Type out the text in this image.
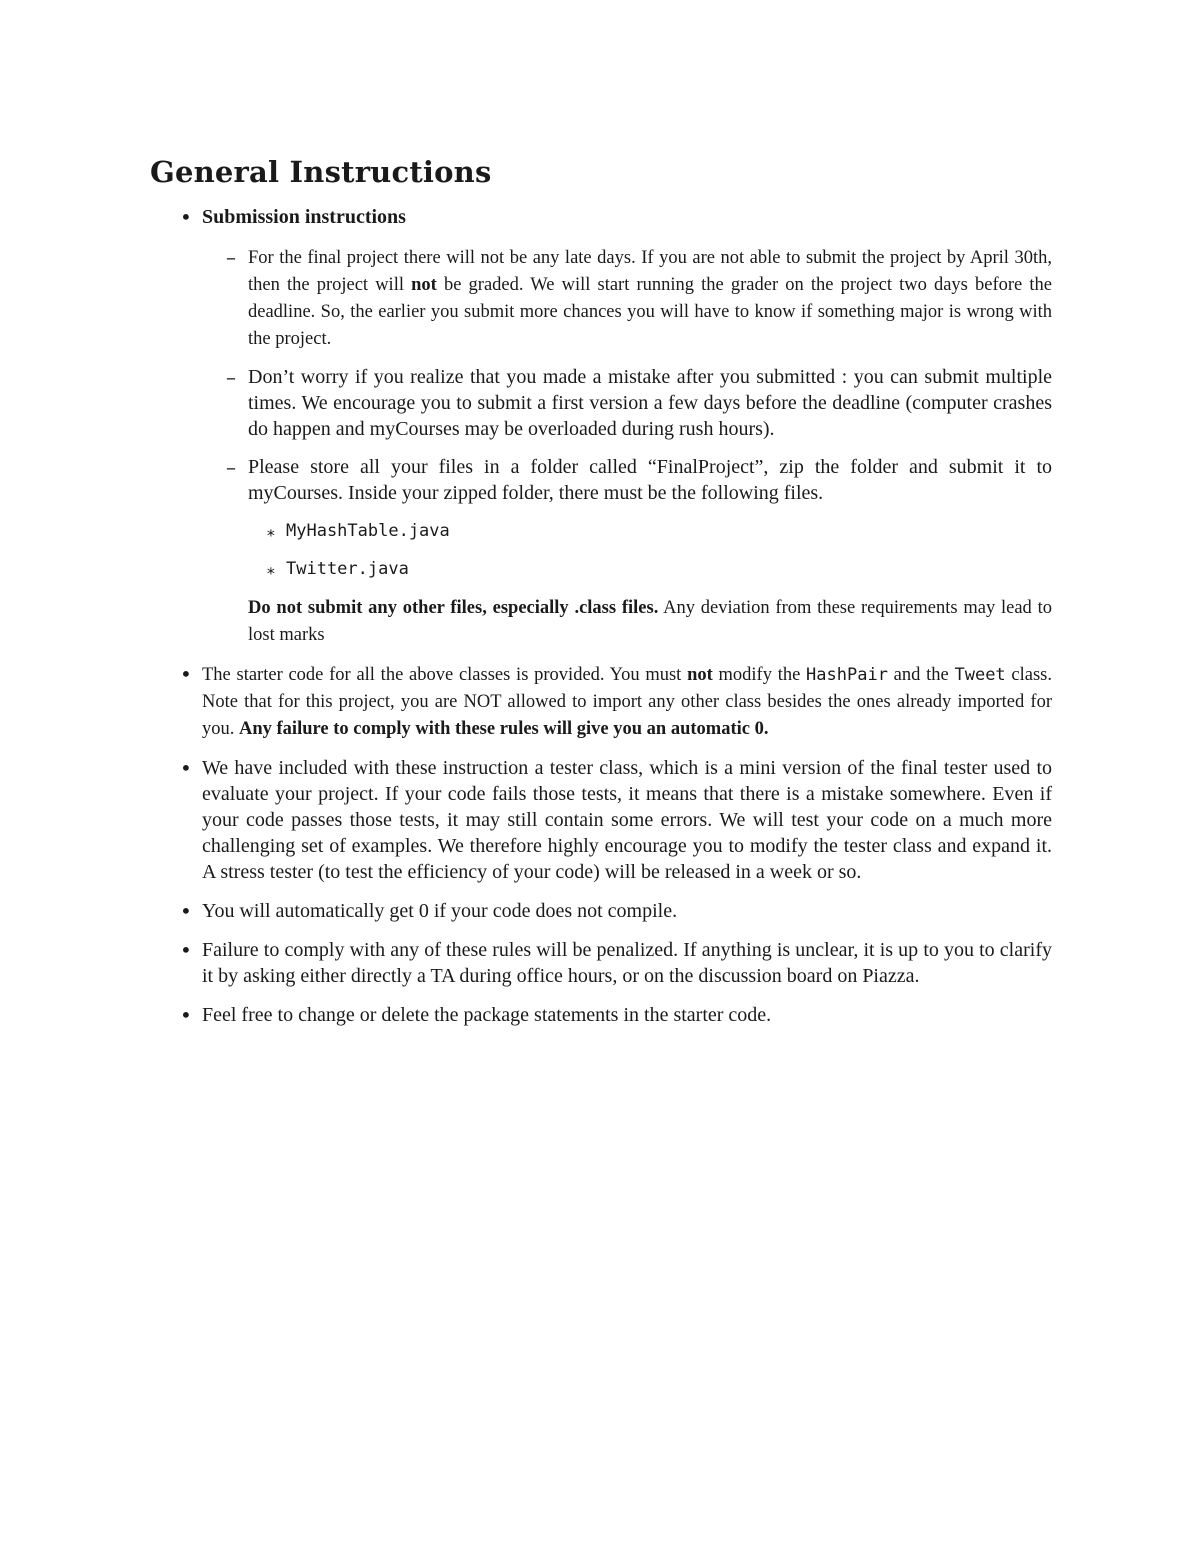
General Instructions
• Submission instructions
– For the final project there will not be any late days. If you are not able to submit the project by April 30th, then the project will not be graded. We will start running the grader on the project two days before the deadline. So, the earlier you submit more chances you will have to know if something major is wrong with the project.
– Don’t worry if you realize that you made a mistake after you submitted : you can submit multiple times. We encourage you to submit a first version a few days before the deadline (computer crashes do happen and myCourses may be overloaded during rush hours).
– Please store all your files in a folder called “FinalProject”, zip the folder and submit it to myCourses. Inside your zipped folder, there must be the following files.
∗ MyHashTable.java
∗ Twitter.java
Do not submit any other files, especially .class files. Any deviation from these requirements may lead to lost marks
• The starter code for all the above classes is provided. You must not modify the HashPair and the Tweet class. Note that for this project, you are NOT allowed to import any other class besides the ones already imported for you. Any failure to comply with these rules will give you an automatic 0.
• We have included with these instruction a tester class, which is a mini version of the final tester used to evaluate your project. If your code fails those tests, it means that there is a mistake somewhere. Even if your code passes those tests, it may still contain some errors. We will test your code on a much more challenging set of examples. We therefore highly encourage you to modify the tester class and expand it. A stress tester (to test the efficiency of your code) will be released in a week or so.
• You will automatically get 0 if your code does not compile.
• Failure to comply with any of these rules will be penalized. If anything is unclear, it is up to you to clarify it by asking either directly a TA during office hours, or on the discussion board on Piazza.
• Feel free to change or delete the package statements in the starter code.
